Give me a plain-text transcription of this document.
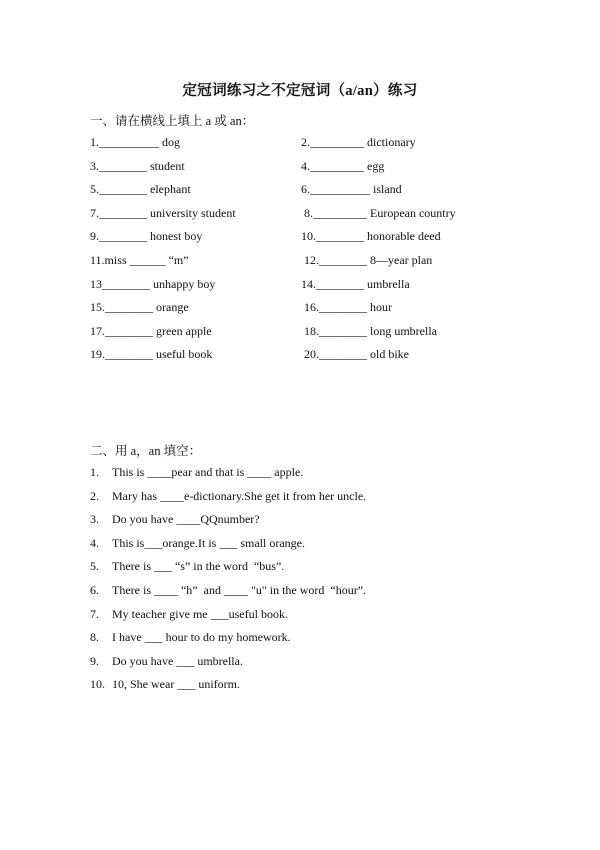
定冠词练习之不定冠词（a/an）练习
一、请在横线上填上 a 或 an：
1.__________ dog	2._________ dictionary
3.________ student	4._________ egg
5.________ elephant	6.__________ island
7.________ university student	8._________ European country
9.________ honest boy	10.________ honorable deed
11.miss ______ “m”	12.________ 8—year plan
13________ unhappy boy	14.________ umbrella
15.________ orange	16.________ hour
17.________ green apple	18.________ long umbrella
19.________ useful book	20.________ old bike
二、用 a，an 填空：
1. This is ____pear and that is ____ apple.
2. Mary has ____e-dictionary.She get it from her uncle.
3. Do you have ____QQnumber?
4. This is___orange.It is ___ small orange.
5. There is ___ “s” in the word  “bus”.
6. There is ____ “h”  and ____ "u" in the word  “hour”.
7. My teacher give me ___useful book.
8. I have ___ hour to do my homework.
9. Do you have ___ umbrella.
10. 10, She wear ___ uniform.
